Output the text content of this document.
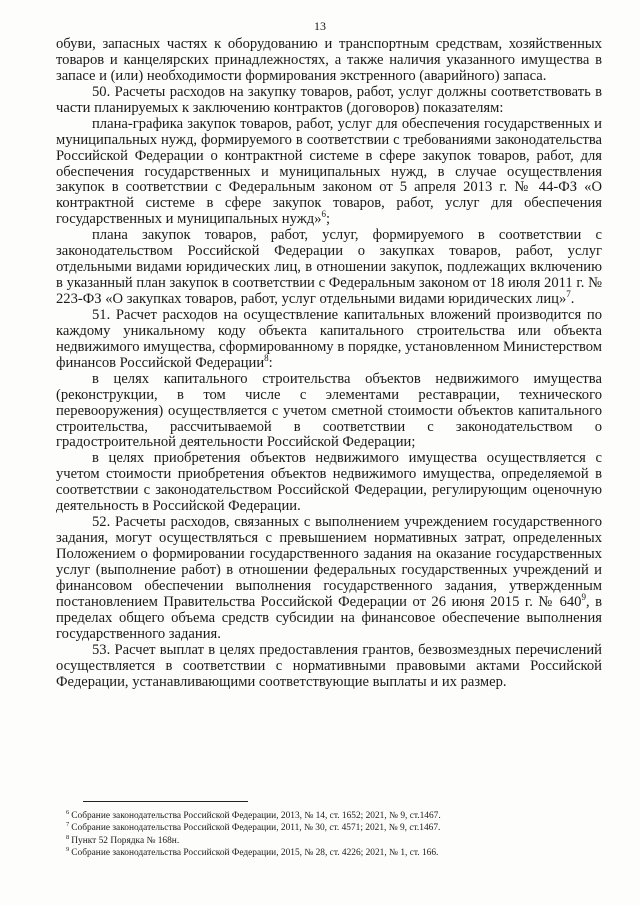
13

обуви, запасных частях к оборудованию и транспортным средствам, хозяйственных товаров и канцелярских принадлежностях, а также наличия указанного имущества в запасе и (или) необходимости формирования экстренного (аварийного) запаса.

50. Расчеты расходов на закупку товаров, работ, услуг должны соответствовать в части планируемых к заключению контрактов (договоров) показателям:

плана-графика закупок товаров, работ, услуг для обеспечения государственных и муниципальных нужд, формируемого в соответствии с требованиями законодательства Российской Федерации о контрактной системе в сфере закупок товаров, работ, для обеспечения государственных и муниципальных нужд, в случае осуществления закупок в соответствии с Федеральным законом от 5 апреля 2013 г. № 44-ФЗ «О контрактной системе в сфере закупок товаров, работ, услуг для обеспечения государственных и муниципальных нужд»$^6$;

плана закупок товаров, работ, услуг, формируемого в соответствии с законодательством Российской Федерации о закупках товаров, работ, услуг отдельными видами юридических лиц, в отношении закупок, подлежащих включению в указанный план закупок в соответствии с Федеральным законом от 18 июля 2011 г. № 223-ФЗ «О закупках товаров, работ, услуг отдельными видами юридических лиц»$^7$.

51. Расчет расходов на осуществление капитальных вложений производится по каждому уникальному коду объекта капитального строительства или объекта недвижимого имущества, сформированному в порядке, установленном Министерством финансов Российской Федерации$^8$:

в целях капитального строительства объектов недвижимого имущества (реконструкции, в том числе с элементами реставрации, технического перевооружения) осуществляется с учетом сметной стоимости объектов капитального строительства, рассчитываемой в соответствии с законодательством о градостроительной деятельности Российской Федерации;

в целях приобретения объектов недвижимого имущества осуществляется с учетом стоимости приобретения объектов недвижимого имущества, определяемой в соответствии с законодательством Российской Федерации, регулирующим оценочную деятельность в Российской Федерации.

52. Расчеты расходов, связанных с выполнением учреждением государственного задания, могут осуществляться с превышением нормативных затрат, определенных Положением о формировании государственного задания на оказание государственных услуг (выполнение работ) в отношении федеральных государственных учреждений и финансовом обеспечении выполнения государственного задания, утвержденным постановлением Правительства Российской Федерации от 26 июня 2015 г. № $640^9$, в пределах общего объема средств субсидии на финансовое обеспечение выполнения государственного задания.

53. Расчет выплат в целях предоставления грантов, безвозмездных перечислений осуществляется в соответствии с нормативными правовыми актами Российской Федерации, устанавливающими соответствующие выплаты и их размер.

$^6$ Собрание законодательства Российской Федерации, 2013, № 14, ст. 1652; 2021, № 9, ст.1467.

$^7$ Собрание законодательства Российской Федерации, 2011, № 30, ст. 4571; 2021, № 9, ст.1467.

$^8$ Пункт 52 Порядка № 168н.

$^9$ Собрание законодательства Российской Федерации, 2015, № 28, ст. 4226; 2021, № 1, ст. 166.
